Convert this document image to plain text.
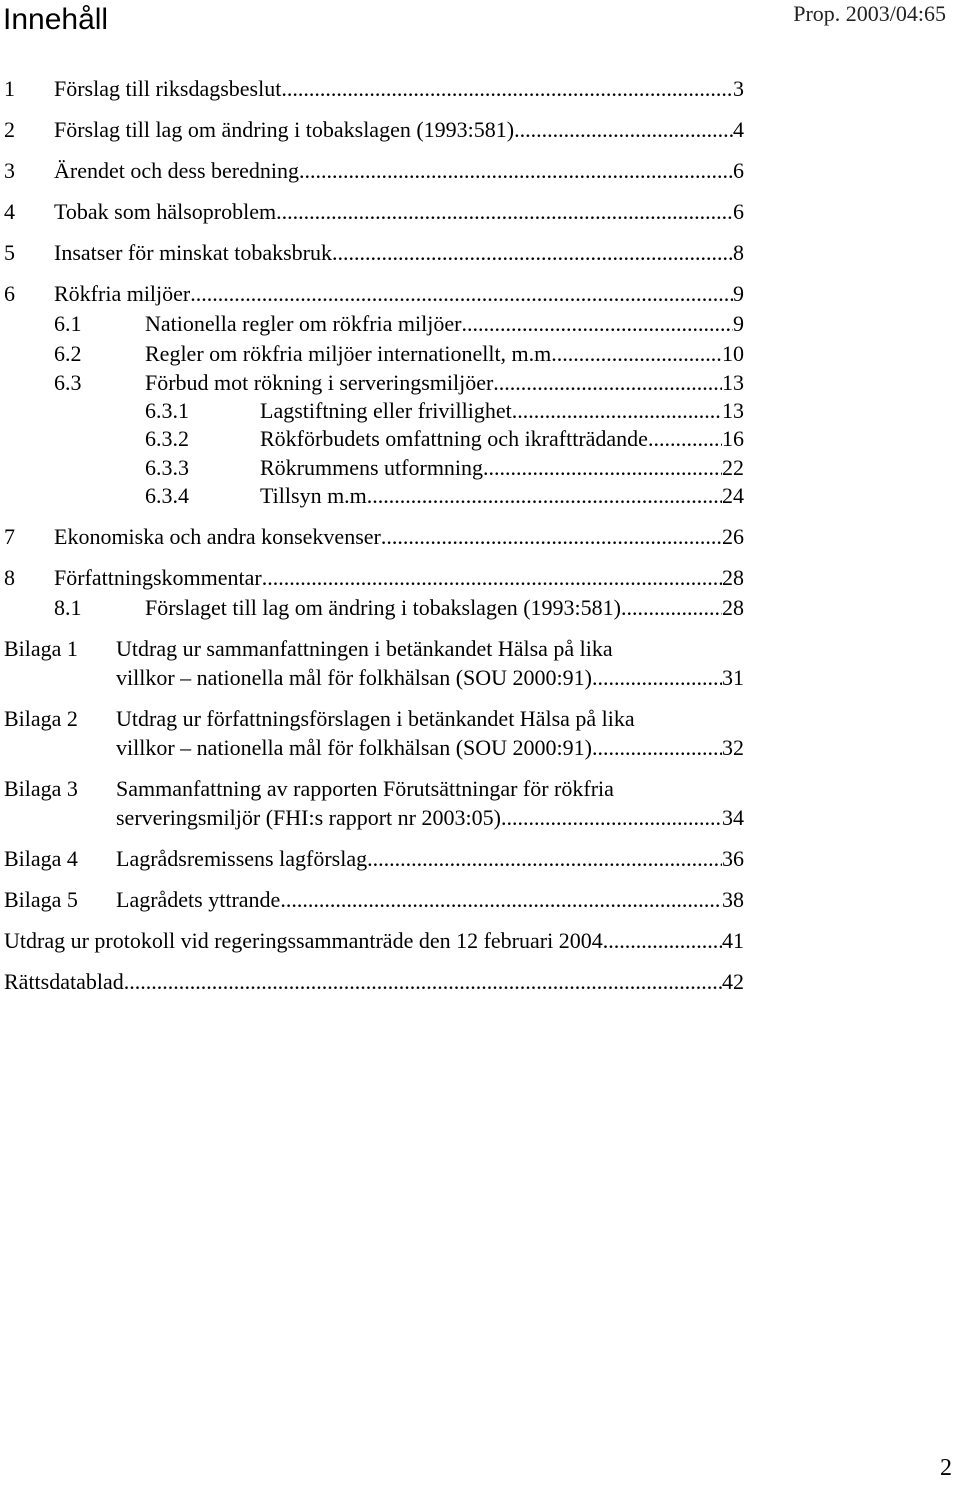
Innehåll	Prop. 2003/04:65
1	Förslag till riksdagsbeslut .....	3
2	Förslag till lag om ändring i tobakslagen (1993:581) .....	4
3	Ärendet och dess beredning .....	6
4	Tobak som hälsoproblem .....	6
5	Insatser för minskat tobaksbruk .....	8
6	Rökfria miljöer .....	9
6.1	Nationella regler om rökfria miljöer .....	9
6.2	Regler om rökfria miljöer internationellt, m.m. .....	10
6.3	Förbud mot rökning i serveringsmiljöer .....	13
6.3.1	Lagstiftning eller frivillighet .....	13
6.3.2	Rökförbudets omfattning och ikraftträdande .....	16
6.3.3	Rökrummens utformning .....	22
6.3.4	Tillsyn m.m. .....	24
7	Ekonomiska och andra konsekvenser .....	26
8	Författningskommentar .....	28
8.1	Förslaget till lag om ändring i tobakslagen (1993:581) .....	28
Bilaga 1	Utdrag ur sammanfattningen i betänkandet Hälsa på lika
villkor – nationella mål för folkhälsan (SOU 2000:91) .....	31
Bilaga 2	Utdrag ur författningsförslagen i betänkandet Hälsa på lika
villkor – nationella mål för folkhälsan (SOU 2000:91) .....	32
Bilaga 3	Sammanfattning av rapporten Förutsättningar för rökfria
serveringsmiljör (FHI:s rapport nr 2003:05) .....	34
Bilaga 4	Lagrådsremissens lagförslag .....	36
Bilaga 5	Lagrådets yttrande .....	38
Utdrag ur protokoll vid regeringssammanträde den 12 februari 2004 .....	41
Rättsdatablad .....	42
2
